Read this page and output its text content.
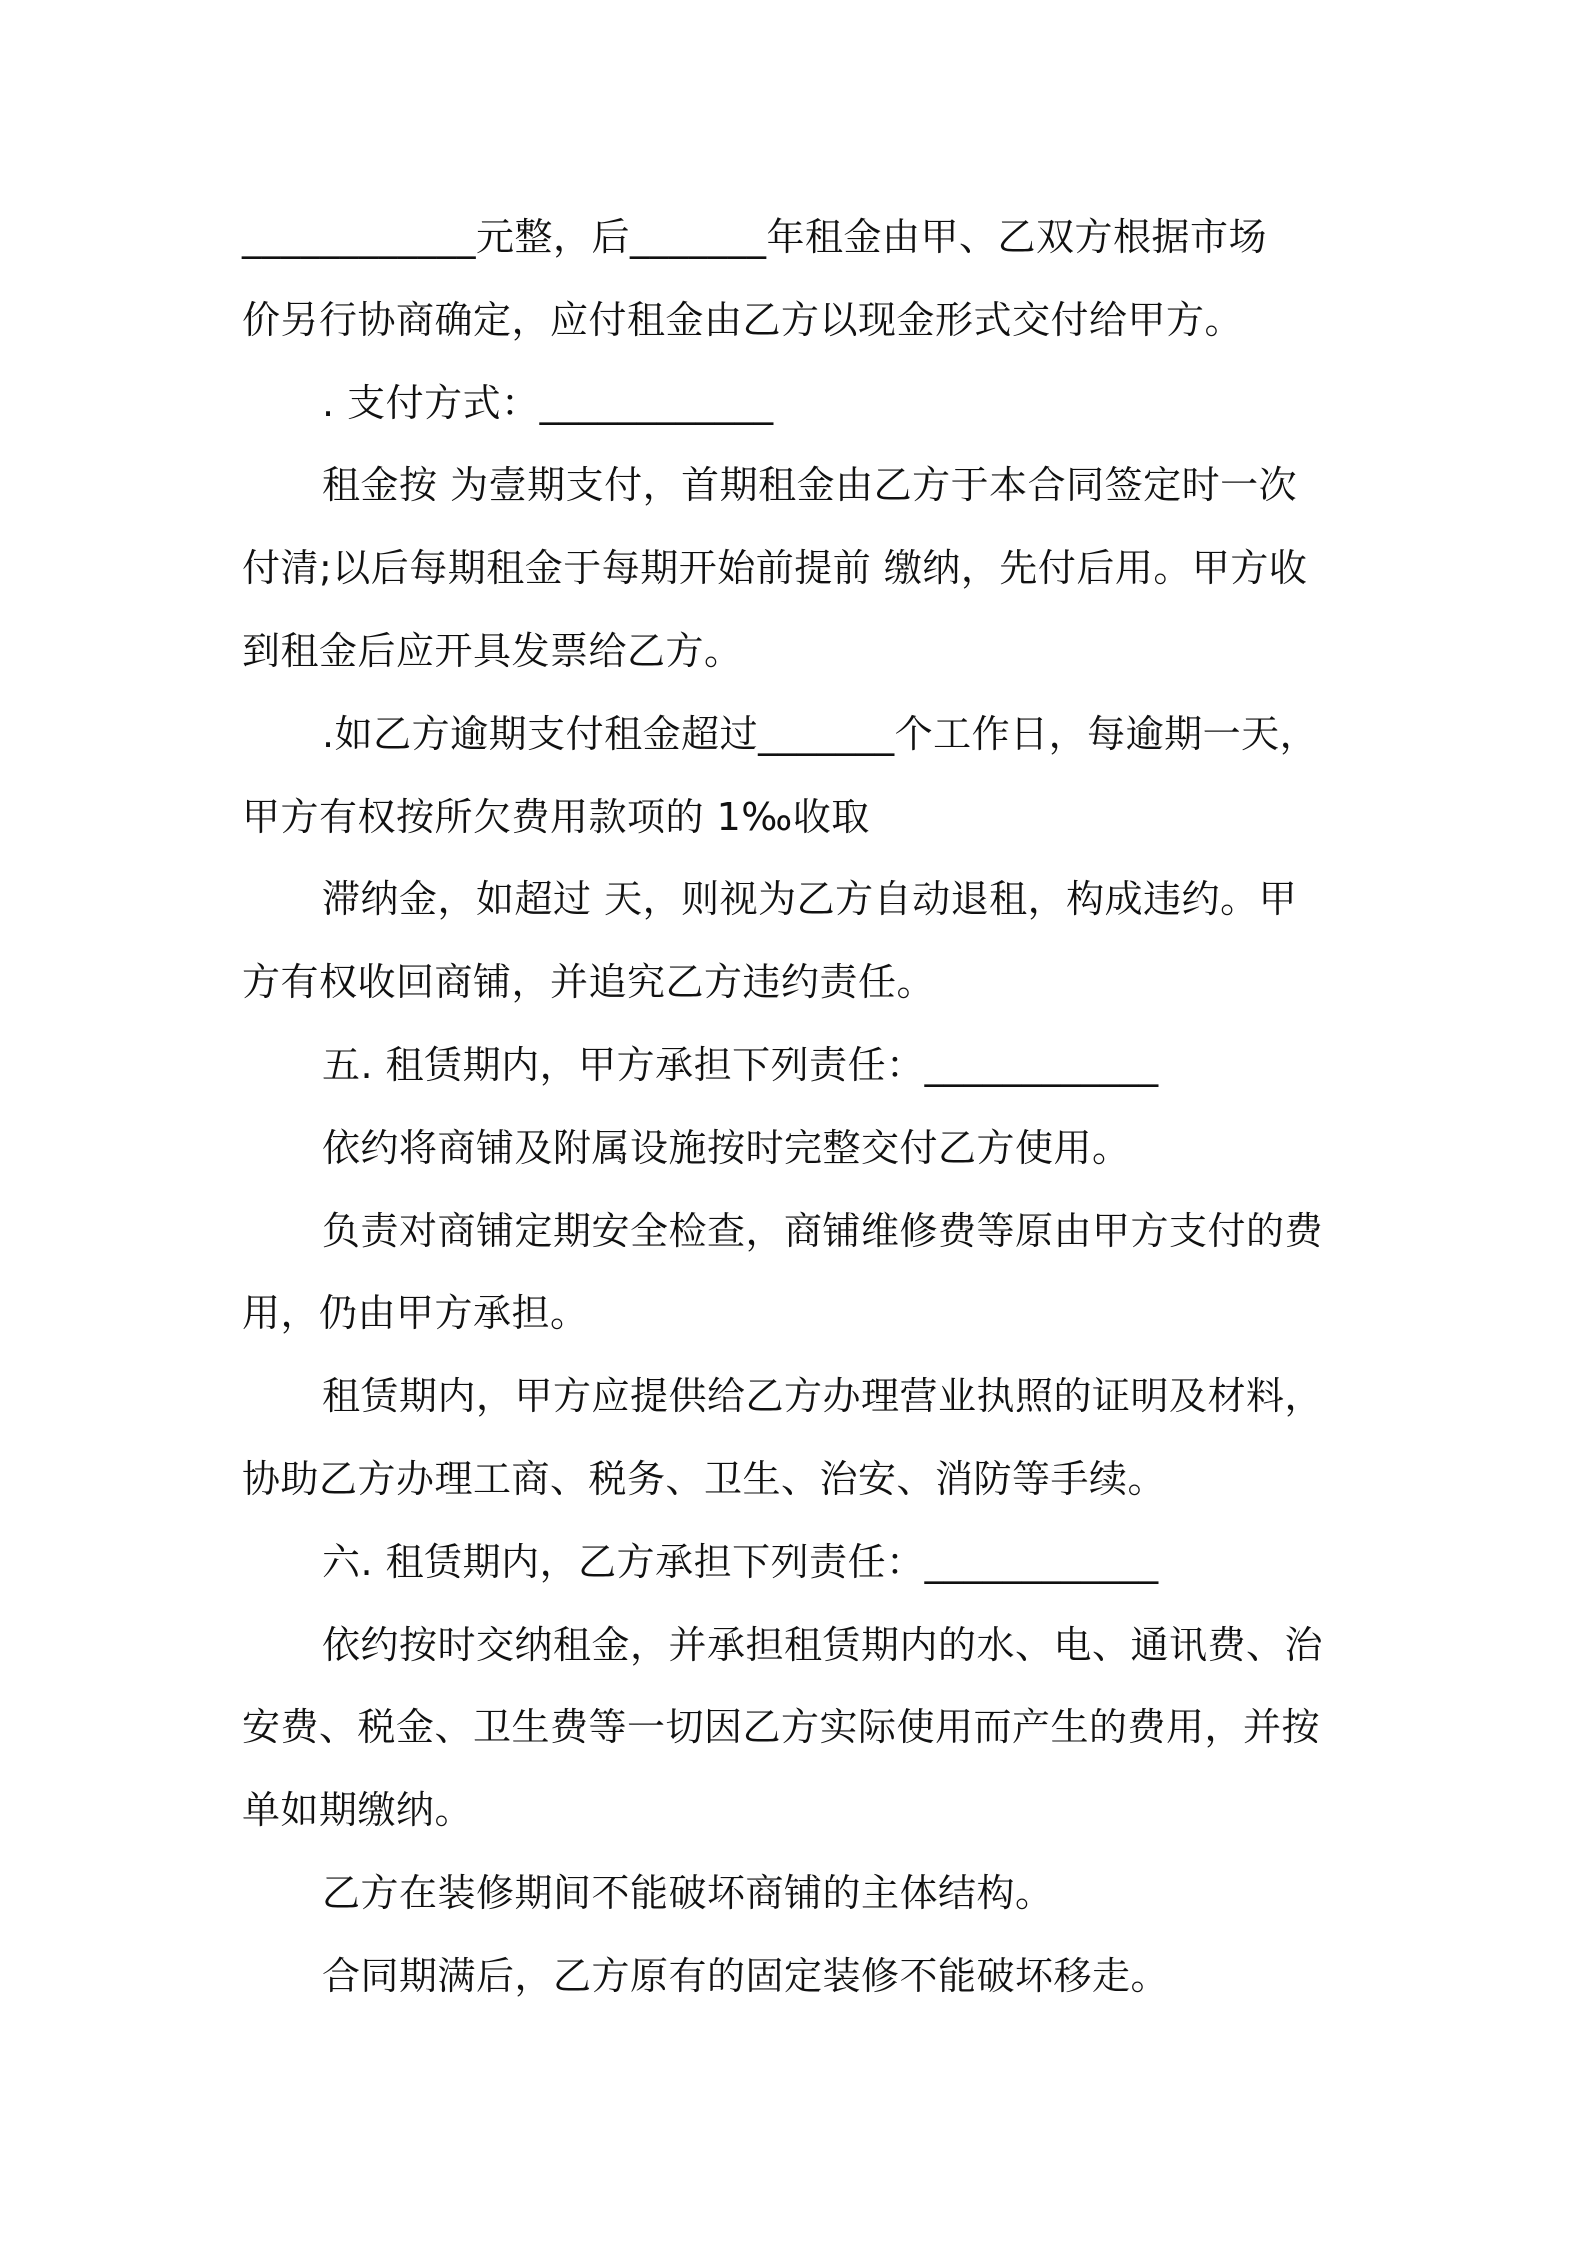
____________元整，后_______年租金由甲、乙双方根据市场
价另行协商确定，应付租金由乙方以现金形式交付给甲方。
. 支付方式：____________
租金按 为壹期支付，首期租金由乙方于本合同签定时一次
付清;以后每期租金于每期开始前提前 缴纳，先付后用。甲方收
到租金后应开具发票给乙方。
.如乙方逾期支付租金超过_______个工作日，每逾期一天，
甲方有权按所欠费用款项的 1‰收取
滞纳金，如超过 天，则视为乙方自动退租，构成违约。甲
方有权收回商铺，并追究乙方违约责任。
五. 租赁期内，甲方承担下列责任：____________
依约将商铺及附属设施按时完整交付乙方使用。
负责对商铺定期安全检查，商铺维修费等原由甲方支付的费
用，仍由甲方承担。
租赁期内，甲方应提供给乙方办理营业执照的证明及材料，
协助乙方办理工商、税务、卫生、治安、消防等手续。
六. 租赁期内，乙方承担下列责任：____________
依约按时交纳租金，并承担租赁期内的水、电、通讯费、治
安费、税金、卫生费等一切因乙方实际使用而产生的费用，并按
单如期缴纳。
乙方在装修期间不能破坏商铺的主体结构。
合同期满后，乙方原有的固定装修不能破坏移走。
